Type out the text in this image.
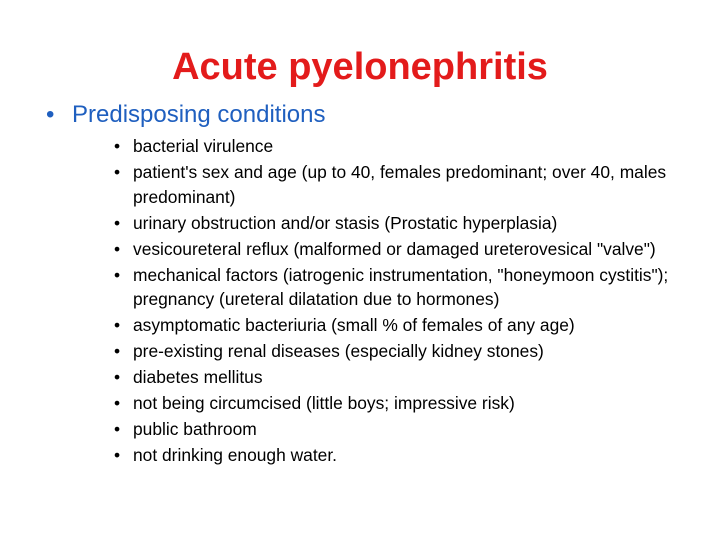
Acute pyelonephritis
• Predisposing conditions
• bacterial virulence
• patient's sex and age (up to 40, females predominant; over 40, males predominant)
• urinary obstruction and/or stasis (Prostatic hyperplasia)
• vesicoureteral reflux (malformed or damaged ureterovesical "valve")
• mechanical factors (iatrogenic instrumentation, "honeymoon cystitis"); pregnancy (ureteral dilatation due to hormones)
• asymptomatic bacteriuria (small % of females of any age)
• pre-existing renal diseases (especially kidney stones)
• diabetes mellitus
• not being circumcised (little boys; impressive risk)
• public bathroom
• not drinking enough water.
